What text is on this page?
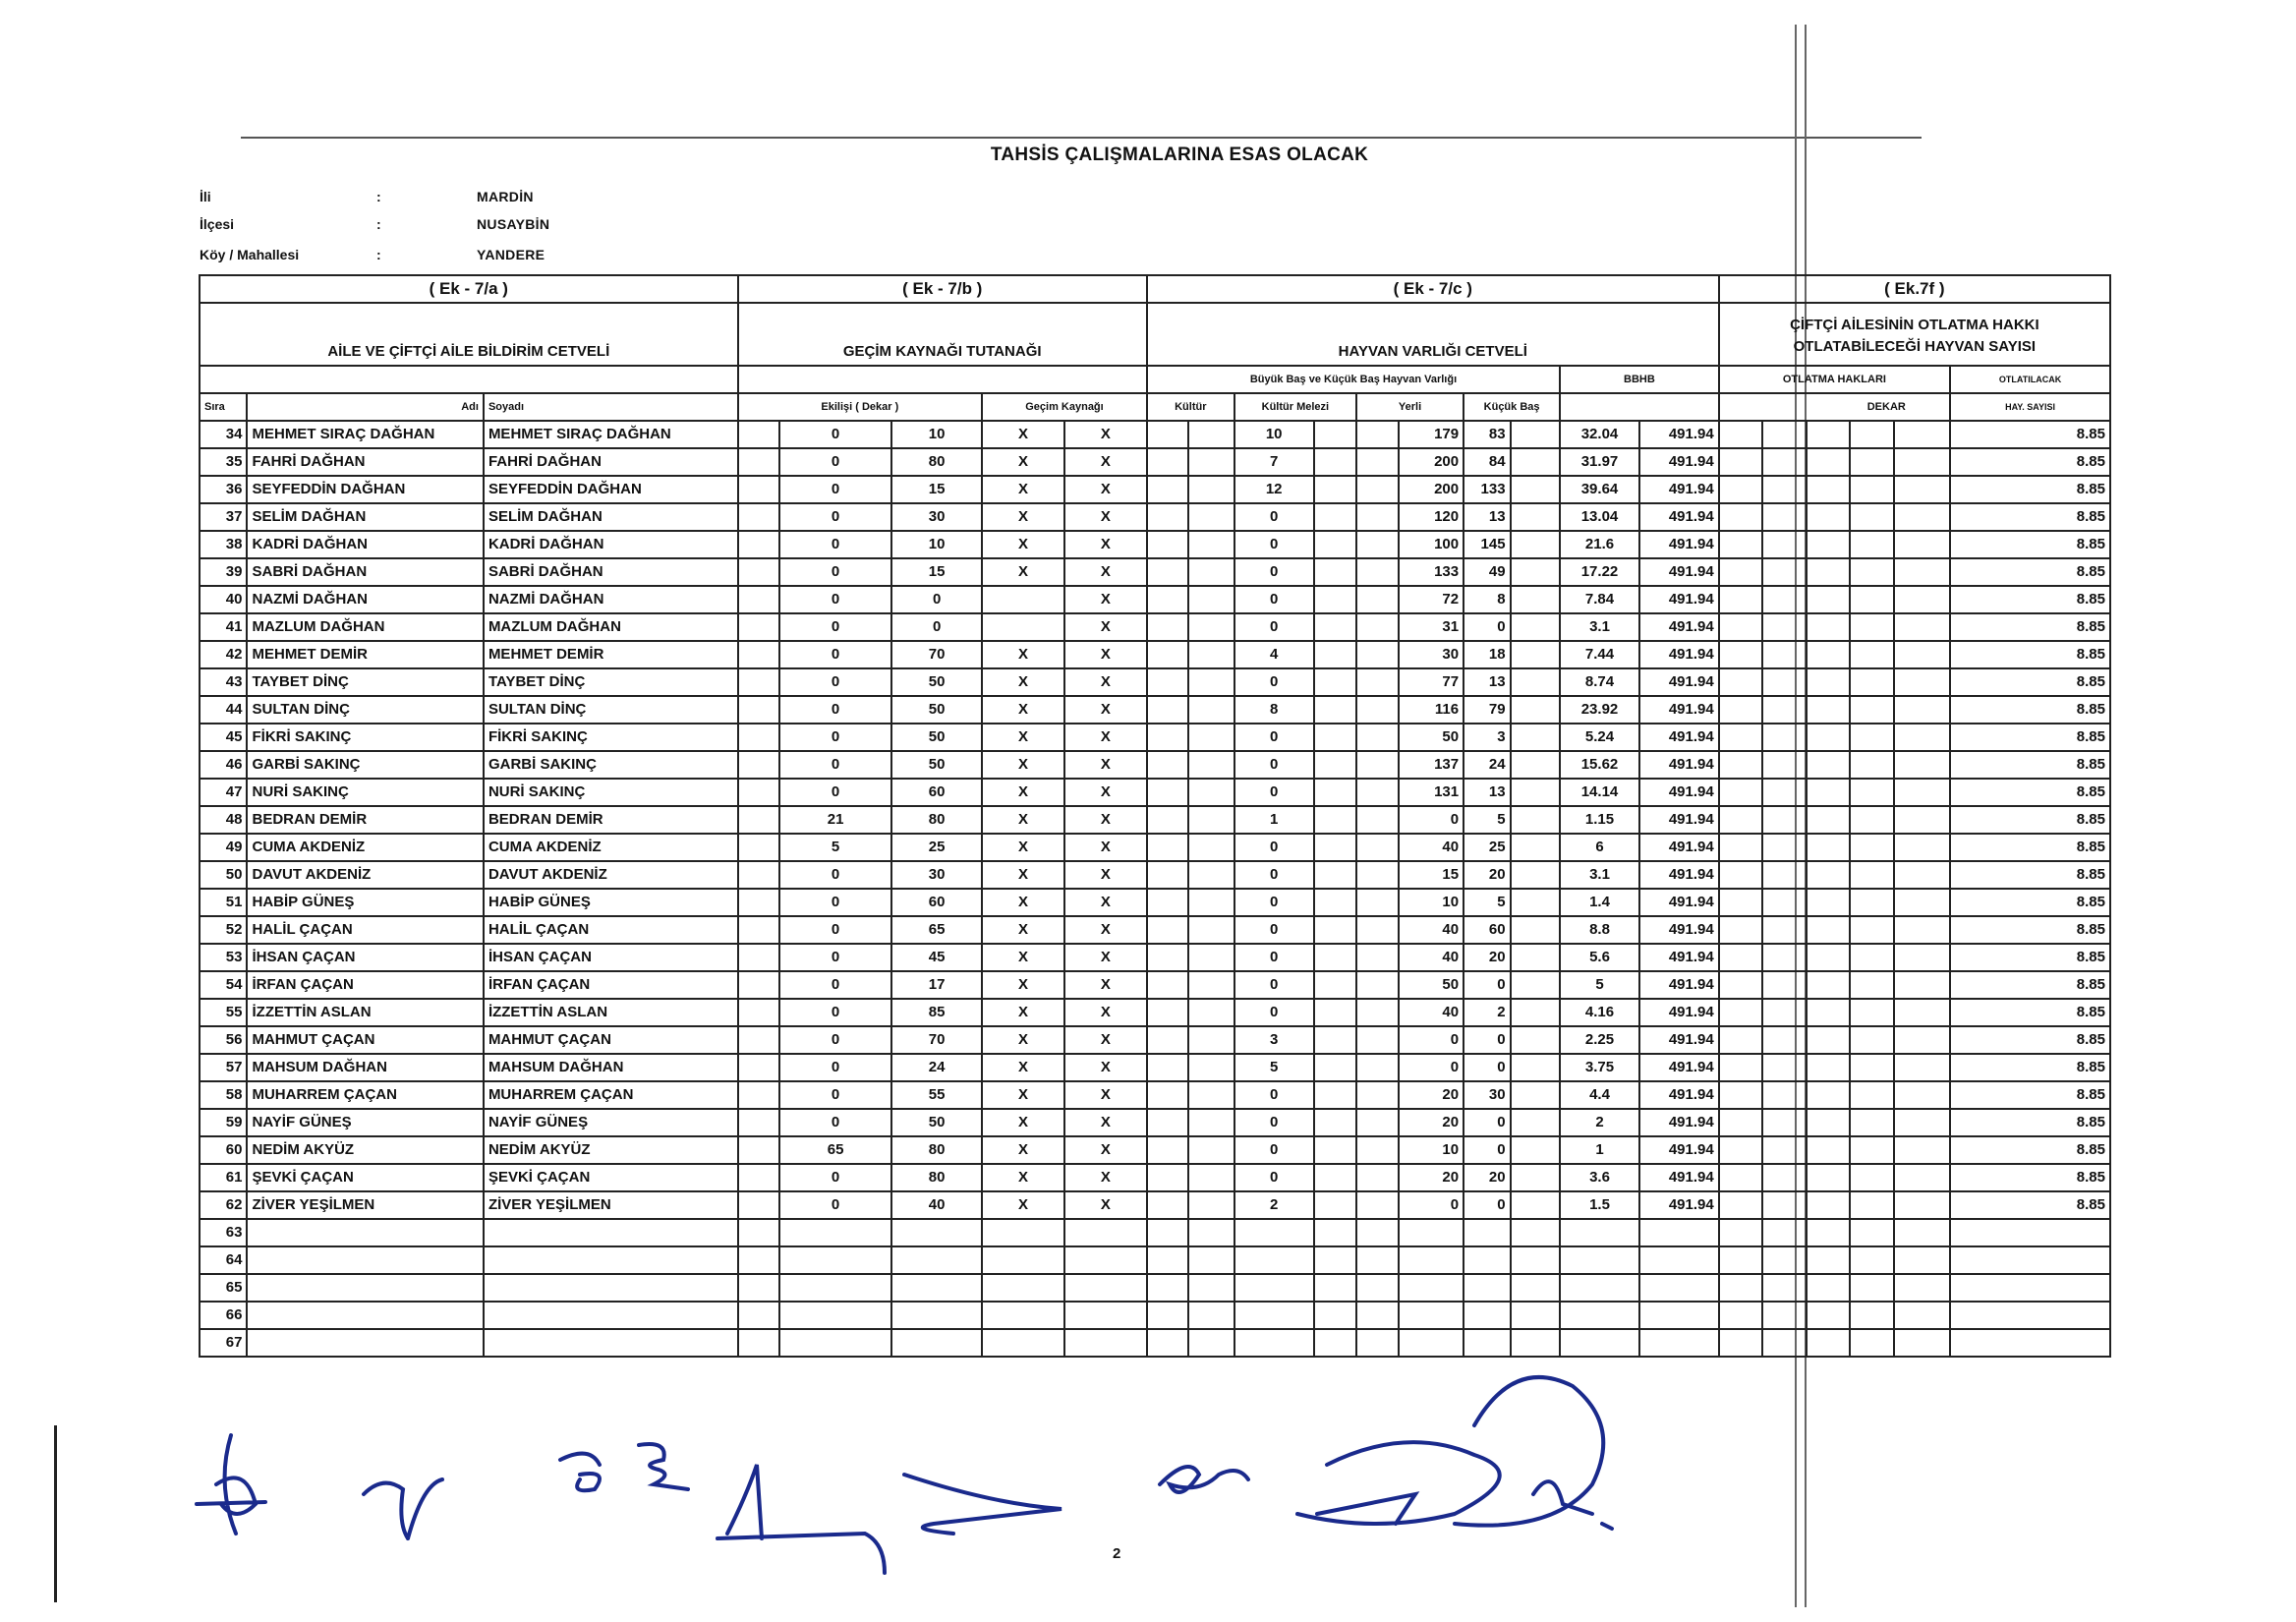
TAHSİS ÇALIŞMALARINA ESAS OLACAK
İli	:	MARDİN
İlçesi	:	NUSAYBİN
Köy / Mahallesi	:	YANDERE
( Ek - 7/a )			( Ek - 7/b )					( Ek - 7/c )										( Ek.7f )					
AİLE VE ÇİFTÇİ AİLE BİLDİRİM CETVELİ			GEÇİM KAYNAĞI TUTANAĞI					HAYVAN VARLIĞI CETVELİ										ÇİFTÇİ AİLESİNİN OTLATMA HAKKI OTLATABİLECEĞİ HAYVAN SAYISI					
								Büyük Baş ve Küçük Baş Hayvan Varlığı								BBHB		OTLATMA HAKLARI					OTLATILACAK
Sıra	Adı	Soyadı	Ekilişi ( Dekar )			Geçim Kaynağı		Kültür		Kültür Melezi		Yerli		Küçük Baş				DEKAR					HAY. SAYISI
34	MEHMET SIRAÇ DAĞHAN	MEHMET SIRAÇ DAĞHAN		0	10	X	X			10			179	83		32.04	491.94						8.85
35	FAHRİ DAĞHAN	FAHRİ DAĞHAN		0	80	X	X			7			200	84		31.97	491.94						8.85
36	SEYFEDDİN DAĞHAN	SEYFEDDİN DAĞHAN		0	15	X	X			12			200	133		39.64	491.94						8.85
37	SELİM DAĞHAN	SELİM DAĞHAN		0	30	X	X			0			120	13		13.04	491.94						8.85
38	KADRİ DAĞHAN	KADRİ DAĞHAN		0	10	X	X			0			100	145		21.6	491.94						8.85
39	SABRİ DAĞHAN	SABRİ DAĞHAN		0	15	X	X			0			133	49		17.22	491.94						8.85
40	NAZMİ DAĞHAN	NAZMİ DAĞHAN		0	0		X			0			72	8		7.84	491.94						8.85
41	MAZLUM DAĞHAN	MAZLUM DAĞHAN		0	0		X			0			31	0		3.1	491.94						8.85
42	MEHMET DEMİR	MEHMET DEMİR		0	70	X	X			4			30	18		7.44	491.94						8.85
43	TAYBET DİNÇ	TAYBET DİNÇ		0	50	X	X			0			77	13		8.74	491.94						8.85
44	SULTAN DİNÇ	SULTAN DİNÇ		0	50	X	X			8			116	79		23.92	491.94						8.85
45	FİKRİ SAKINÇ	FİKRİ SAKINÇ		0	50	X	X			0			50	3		5.24	491.94						8.85
46	GARBİ SAKINÇ	GARBİ SAKINÇ		0	50	X	X			0			137	24		15.62	491.94						8.85
47	NURİ SAKINÇ	NURİ SAKINÇ		0	60	X	X			0			131	13		14.14	491.94						8.85
48	BEDRAN DEMİR	BEDRAN DEMİR		21	80	X	X			1			0	5		1.15	491.94						8.85
49	CUMA AKDENİZ	CUMA AKDENİZ		5	25	X	X			0			40	25		6	491.94						8.85
50	DAVUT AKDENİZ	DAVUT AKDENİZ		0	30	X	X			0			15	20		3.1	491.94						8.85
51	HABİP GÜNEŞ	HABİP GÜNEŞ		0	60	X	X			0			10	5		1.4	491.94						8.85
52	HALİL ÇAÇAN	HALİL ÇAÇAN		0	65	X	X			0			40	60		8.8	491.94						8.85
53	İHSAN ÇAÇAN	İHSAN ÇAÇAN		0	45	X	X			0			40	20		5.6	491.94						8.85
54	İRFAN ÇAÇAN	İRFAN ÇAÇAN		0	17	X	X			0			50	0		5	491.94						8.85
55	İZZETTİN ASLAN	İZZETTİN ASLAN		0	85	X	X			0			40	2		4.16	491.94						8.85
56	MAHMUT ÇAÇAN	MAHMUT ÇAÇAN		0	70	X	X			3			0	0		2.25	491.94						8.85
57	MAHSUM DAĞHAN	MAHSUM DAĞHAN		0	24	X	X			5			0	0		3.75	491.94						8.85
58	MUHARREM ÇAÇAN	MUHARREM ÇAÇAN		0	55	X	X			0			20	30		4.4	491.94						8.85
59	NAYİF GÜNEŞ	NAYİF GÜNEŞ		0	50	X	X			0			20	0		2	491.94						8.85
60	NEDİM AKYÜZ	NEDİM AKYÜZ		65	80	X	X			0			10	0		1	491.94						8.85
61	ŞEVKİ ÇAÇAN	ŞEVKİ ÇAÇAN		0	80	X	X			0			20	20		3.6	491.94						8.85
62	ZİVER YEŞİLMEN	ZİVER YEŞİLMEN		0	40	X	X			2			0	0		1.5	491.94						8.85
63																							
64																							
65																							
66																							
67																							
2
